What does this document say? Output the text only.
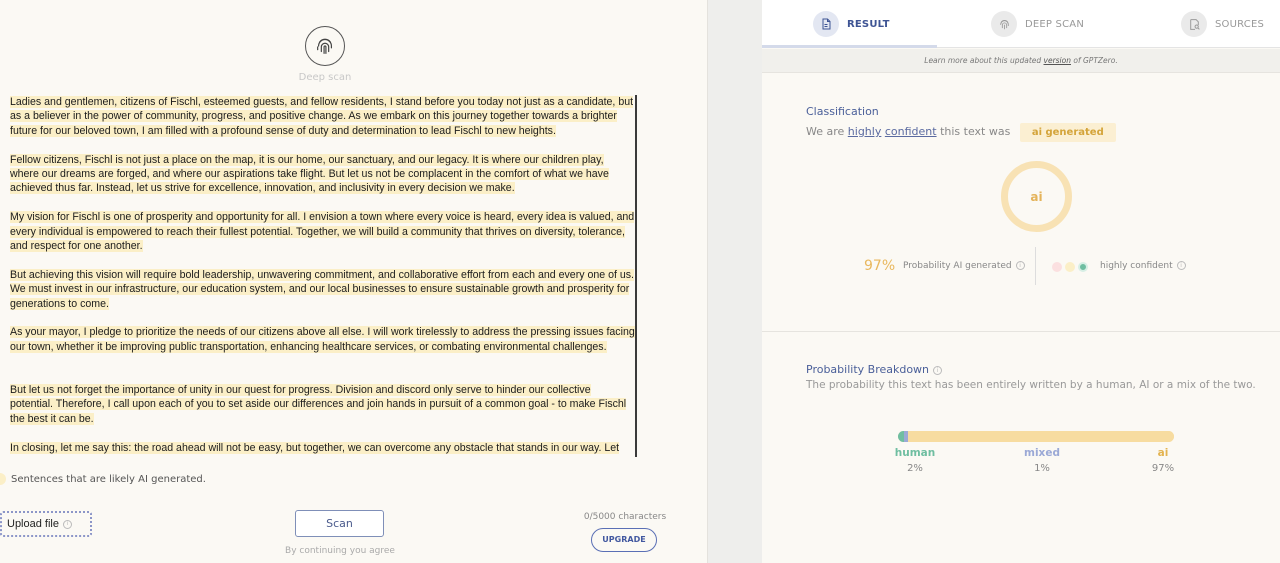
Deep scan

Ladies and gentlemen, citizens of Fischl, esteemed guests, and fellow residents, I stand before you today not just as a candidate, but as a believer in the power of community, progress, and positive change. As we embark on this journey together towards a brighter future for our beloved town, I am filled with a profound sense of duty and determination to lead Fischl to new heights.

Fellow citizens, Fischl is not just a place on the map, it is our home, our sanctuary, and our legacy. It is where our children play, where our dreams are forged, and where our aspirations take flight. But let us not be complacent in the comfort of what we have achieved thus far. Instead, let us strive for excellence, innovation, and inclusivity in every decision we make.

My vision for Fischl is one of prosperity and opportunity for all. I envision a town where every voice is heard, every idea is valued, and every individual is empowered to reach their fullest potential. Together, we will build a community that thrives on diversity, tolerance, and respect for one another.

But achieving this vision will require bold leadership, unwavering commitment, and collaborative effort from each and every one of us. We must invest in our infrastructure, our education system, and our local businesses to ensure sustainable growth and prosperity for generations to come.

As your mayor, I pledge to prioritize the needs of our citizens above all else. I will work tirelessly to address the pressing issues facing our town, whether it be improving public transportation, enhancing healthcare services, or combating environmental challenges.

But let us not forget the importance of unity in our quest for progress. Division and discord only serve to hinder our collective potential. Therefore, I call upon each of you to set aside our differences and join hands in pursuit of a common goal - to make Fischl the best it can be.

In closing, let me say this: the road ahead will not be easy, but together, we can overcome any obstacle that stands in our way. Let

Sentences that are likely AI generated.
Upload file	i	Scan
By continuing you agree
0/5000 characters
UPGRADE
RESULT	DEEP SCAN	SOURCES
Learn more about this updated version of GPTZero.
Classification
We are highly confident this text was ai generated
ai
97% Probability AI generated i	highly confident i
Probability Breakdown i
The probability this text has been entirely written by a human, AI or a mix of the two.
human
2%
mixed
1%
ai
97%
